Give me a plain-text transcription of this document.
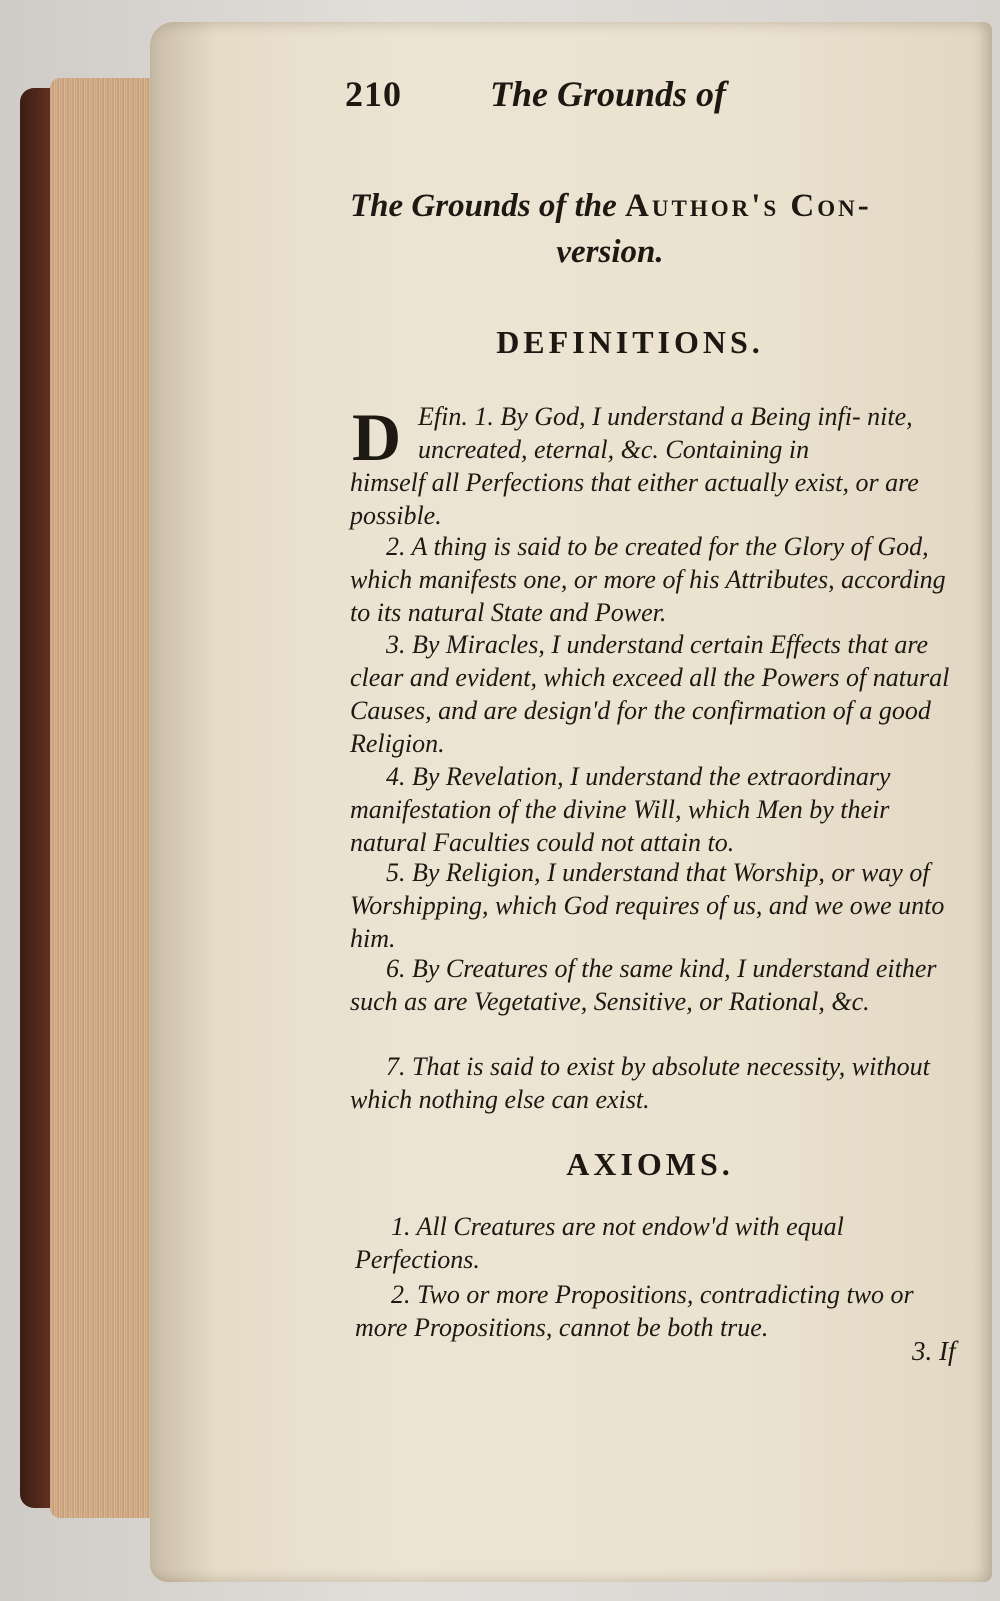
210 The Grounds of
The Grounds of the Author's Con-
version.
DEFINITIONS.
D Efin. 1. By God, I understand a Being infi- nite, uncreated, eternal, &c. Containing in
himself all Perfections that either actually exist, or are possible.
2. A thing is said to be created for the Glory of God, which manifests one, or more of his Attributes, according to its natural State and Power.
3. By Miracles, I understand certain Effects that are clear and evident, which exceed all the Powers of natural Causes, and are design'd for the confirmation of a good Religion.
4. By Revelation, I understand the extraordinary manifestation of the divine Will, which Men by their natural Faculties could not attain to.
5. By Religion, I understand that Worship, or way of Worshipping, which God requires of us, and we owe unto him.
6. By Creatures of the same kind, I understand either such as are Vegetative, Sensitive, or Rational, &c.
7. That is said to exist by absolute necessity, without which nothing else can exist.
AXIOMS.
1. All Creatures are not endow'd with equal Perfections.
2. Two or more Propositions, contradicting two or more Propositions, cannot be both true.
3. If
